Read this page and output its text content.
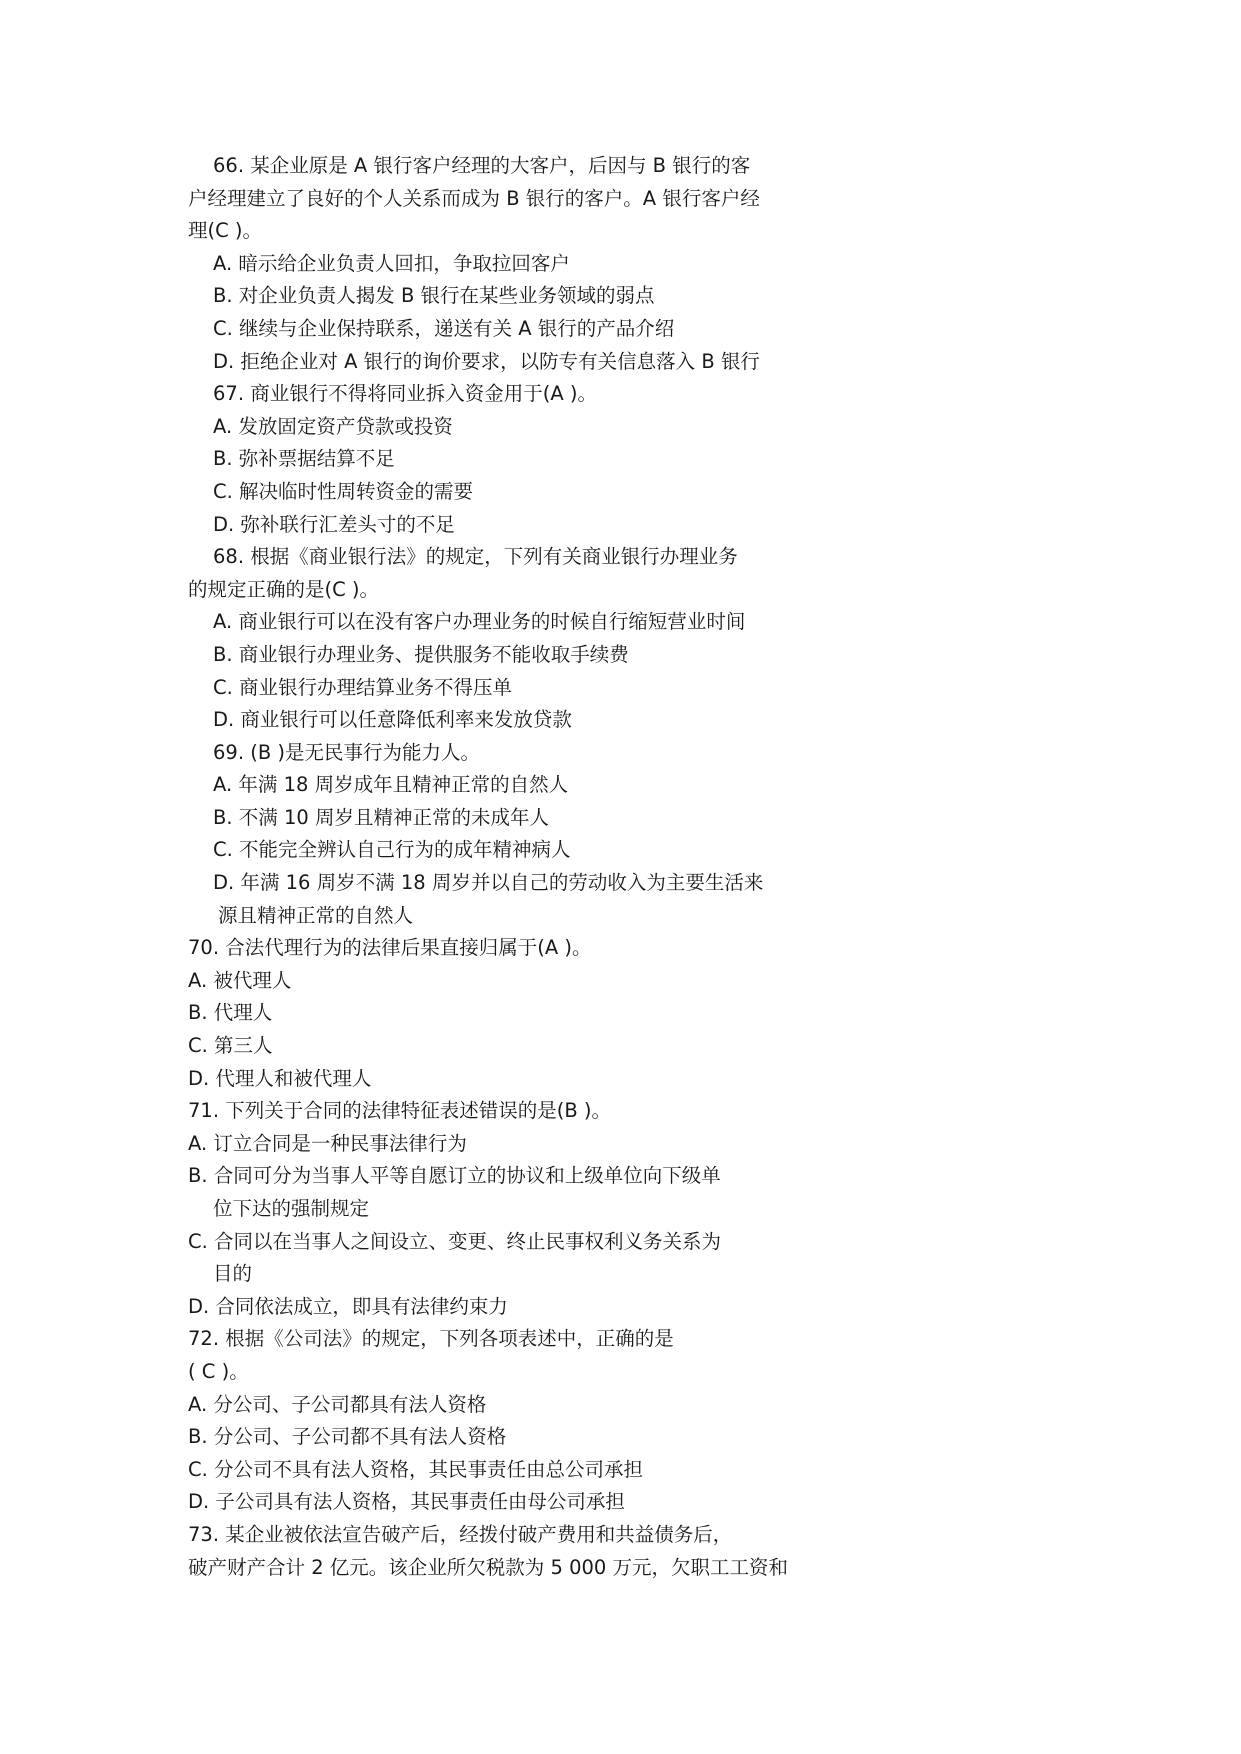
66. 某企业原是 A 银行客户经理的大客户，后因与 B 银行的客
户经理建立了良好的个人关系而成为 B 银行的客户。A 银行客户经
理(C )。
A. 暗示给企业负责人回扣，争取拉回客户
B. 对企业负责人揭发 B 银行在某些业务领域的弱点
C. 继续与企业保持联系，递送有关 A 银行的产品介绍
D. 拒绝企业对 A 银行的询价要求，以防专有关信息落入 B 银行
67. 商业银行不得将同业拆入资金用于(A )。
A. 发放固定资产贷款或投资
B. 弥补票据结算不足
C. 解决临时性周转资金的需要
D. 弥补联行汇差头寸的不足
68. 根据《商业银行法》的规定，下列有关商业银行办理业务
的规定正确的是(C )。
A. 商业银行可以在没有客户办理业务的时候自行缩短营业时间
B. 商业银行办理业务、提供服务不能收取手续费
C. 商业银行办理结算业务不得压单
D. 商业银行可以任意降低利率来发放贷款
69. (B )是无民事行为能力人。
A. 年满 18 周岁成年且精神正常的自然人
B. 不满 10 周岁且精神正常的未成年人
C. 不能完全辨认自己行为的成年精神病人
D. 年满 16 周岁不满 18 周岁并以自己的劳动收入为主要生活来
源且精神正常的自然人
70. 合法代理行为的法律后果直接归属于(A )。
A. 被代理人
B. 代理人
C. 第三人
D. 代理人和被代理人
71. 下列关于合同的法律特征表述错误的是(B )。
A. 订立合同是一种民事法律行为
B. 合同可分为当事人平等自愿订立的协议和上级单位向下级单
位下达的强制规定
C. 合同以在当事人之间设立、变更、终止民事权利义务关系为
目的
D. 合同依法成立，即具有法律约束力
72. 根据《公司法》的规定，下列各项表述中，正确的是
( C )。
A. 分公司、子公司都具有法人资格
B. 分公司、子公司都不具有法人资格
C. 分公司不具有法人资格，其民事责任由总公司承担
D. 子公司具有法人资格，其民事责任由母公司承担
73. 某企业被依法宣告破产后，经拨付破产费用和共益债务后，
破产财产合计 2 亿元。该企业所欠税款为 5 000 万元，欠职工工资和
